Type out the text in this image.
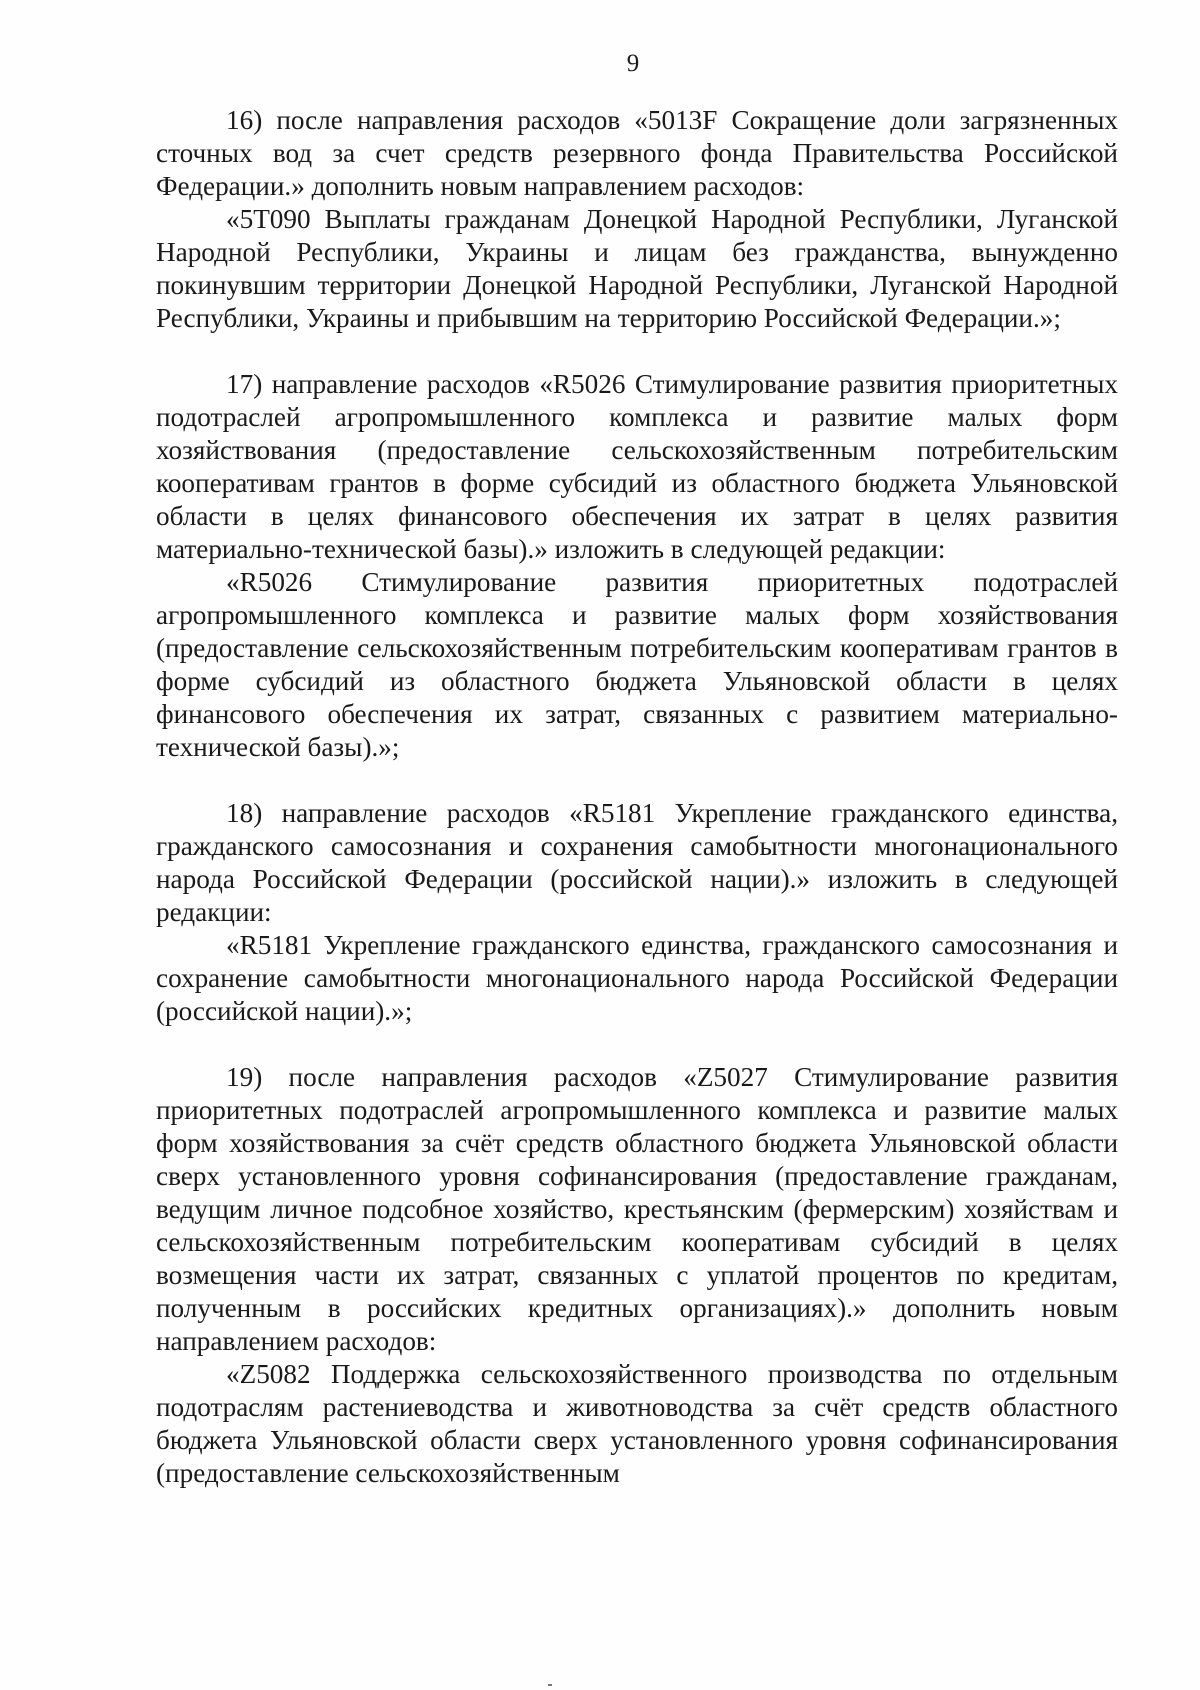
9

16) после направления расходов «5013F Сокращение доли загрязненных сточных вод за счет средств резервного фонда Правительства Российской Федерации.» дополнить новым направлением расходов:

«5T090 Выплаты гражданам Донецкой Народной Республики, Луганской Народной Республики, Украины и лицам без гражданства, вынужденно покинувшим территории Донецкой Народной Республики, Луганской Народной Республики, Украины и прибывшим на территорию Российской Федерации.»;

17) направление расходов «R5026 Стимулирование развития приоритетных подотраслей агропромышленного комплекса и развитие малых форм хозяйствования (предоставление сельскохозяйственным потребительским кооперативам грантов в форме субсидий из областного бюджета Ульяновской области в целях финансового обеспечения их затрат в целях развития материально-технической базы).» изложить в следующей редакции:

«R5026 Стимулирование развития приоритетных подотраслей агропромышленного комплекса и развитие малых форм хозяйствования (предоставление сельскохозяйственным потребительским кооперативам грантов в форме субсидий из областного бюджета Ульяновской области в целях финансового обеспечения их затрат, связанных с развитием материально-технической базы).»;

18) направление расходов «R5181 Укрепление гражданского единства, гражданского самосознания и сохранения самобытности многонационального народа Российской Федерации (российской нации).» изложить в следующей редакции:

«R5181 Укрепление гражданского единства, гражданского самосознания и сохранение самобытности многонационального народа Российской Федерации (российской нации).»;

19) после направления расходов «Z5027 Стимулирование развития приоритетных подотраслей агропромышленного комплекса и развитие малых форм хозяйствования за счёт средств областного бюджета Ульяновской области сверх установленного уровня софинансирования (предоставление гражданам, ведущим личное подсобное хозяйство, крестьянским (фермерским) хозяйствам и сельскохозяйственным потребительским кооперативам субсидий в целях возмещения части их затрат, связанных с уплатой процентов по кредитам, полученным в российских кредитных организациях).» дополнить новым направлением расходов:

«Z5082 Поддержка сельскохозяйственного производства по отдельным подотраслям растениеводства и животноводства за счёт средств областного бюджета Ульяновской области сверх установленного уровня софинансирования (предоставление сельскохозяйственным
